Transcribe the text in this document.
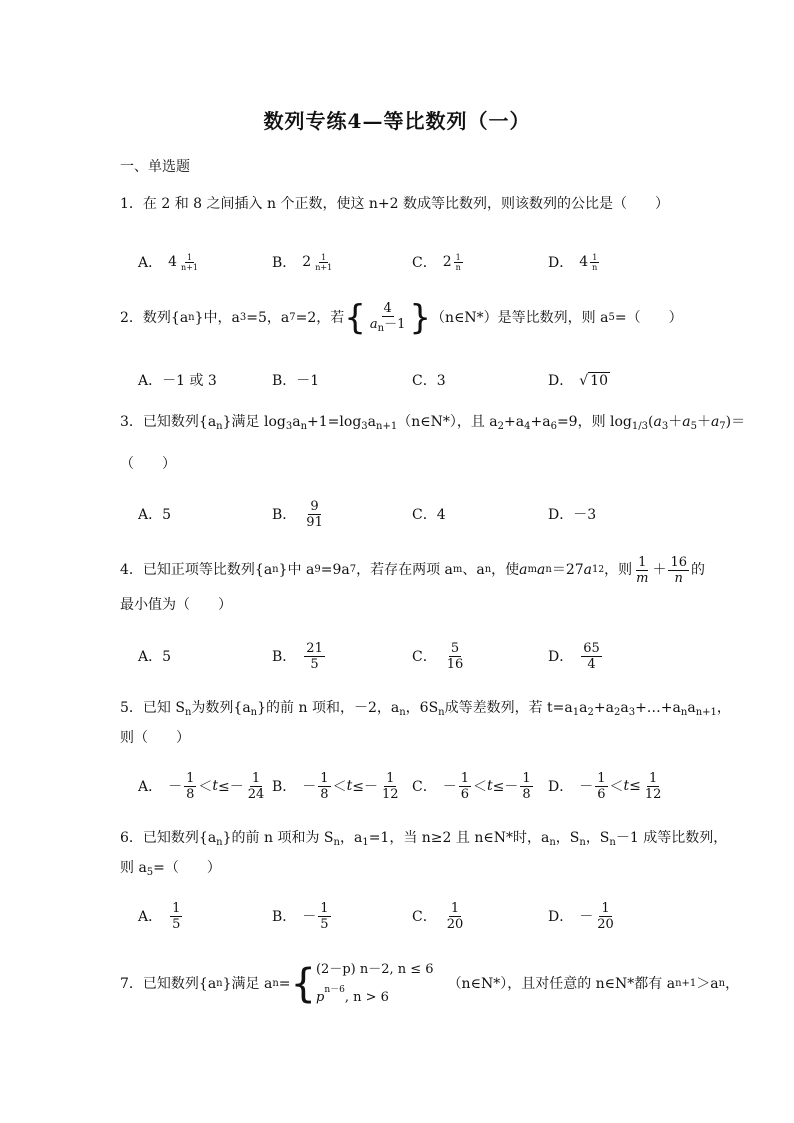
数列专练4—等比数列（一）
一、单选题
1．在 2 和 8 之间插入 n 个正数，使这 n+2 数成等比数列，则该数列的公比是（　　）
A． $4 \frac{1}{n+1}$	B． $2 \frac{1}{n+1}$	C． $2 \frac{1}{n}$	D． $4 \frac{1}{n}$
2．数列{a n }中，a 3 =5，a 7 =2，若 { $\frac{4}{a_n-1}$ } （n∈N*）是等比数列，则 a 5 =（　　）
A．－1 或 3	B．－1	C．3	D． √ 10
3．已知数列$\{a_n\}$满足 $\log_3a_n+1=\log_3a_{n+1}(n\in N*)$，且 $a_2+a_4+a_6=9$，则 $\log_{1/3}(a_3+a_5+a_7)=$
（　　）
A．5	B． $\frac{9}{91}$	C．4	D．－3
4．已知正项等比数列{a n }中 a 9 =9a 7 ，若存在两项 a m 、a n ，使 a m a n ＝27 a 1 2 ，则 $\frac{1}{m} + \frac{16}{n}$ 的
最小值为（　　）
A．5	B． $\frac{21}{5}$	C． $\frac{5}{16}$	D． $\frac{65}{4}$
5．已知 $S_n$为数列$\{a_n\}$的前 n 项和，－2，$a_n$，$6S_n$成等差数列，若 $t=a_1a_2+a_2a_3+\dots+a_na_{n+1}$，
则（　　）
A． － $\frac{1}{8} < t \le- \frac{1}{24}$ B． － $\frac{1}{8} < t \le- \frac{1}{12}$ C． － $\frac{1}{6} < t \le- \frac{1}{8}$ D． － $\frac{1}{6} < t \le \frac{1}{12}$
6．已知数列$\{a_n\}$的前 n 项和为 $S_n$，$a_1=1$，当 n≥2 且 n∈N*时，$a_n$，$S_n$，$S_n-1$ 成等比数列，
则 $a_5=$（　　）
A． $\frac{1}{5}$	B． － $\frac{1}{5}$	C． $\frac{1}{20}$	D． － $\frac{1}{20}$
7．已知数列{a n }满足 a n = { (2－p) n－2, n ≤ 6
$p^{n-6}$, n > 6
（n∈N*），且对任意的 n∈N*都有 a n+1 ＞a n ，
